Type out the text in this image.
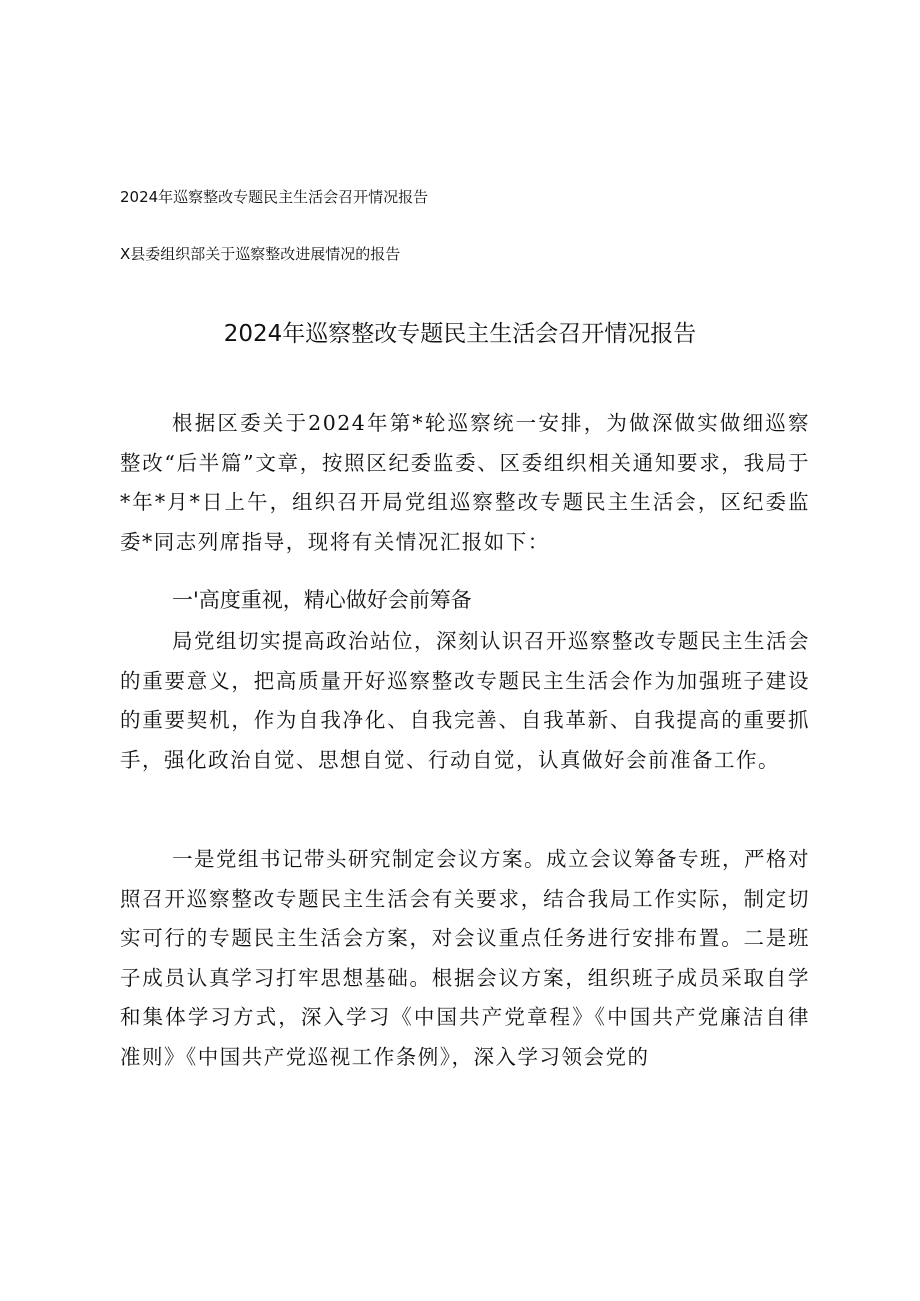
2024年巡察整改专题民主生活会召开情况报告
X县委组织部关于巡察整改进展情况的报告
2024年巡察整改专题民主生活会召开情况报告

根据区委关于2024年第*轮巡察统一安排，为做深做实做细巡察整改“后半篇”文章，按照区纪委监委、区委组织相关通知要求，我局于*年*月*日上午，组织召开局党组巡察整改专题民主生活会，区纪委监委*同志列席指导，现将有关情况汇报如下：

一'高度重视，精心做好会前筹备

局党组切实提高政治站位，深刻认识召开巡察整改专题民主生活会的重要意义，把高质量开好巡察整改专题民主生活会作为加强班子建设的重要契机，作为自我净化、自我完善、自我革新、自我提高的重要抓手，强化政治自觉、思想自觉、行动自觉，认真做好会前准备工作。

一是党组书记带头研究制定会议方案。成立会议筹备专班，严格对照召开巡察整改专题民主生活会有关要求，结合我局工作实际，制定切实可行的专题民主生活会方案，对会议重点任务进行安排布置。二是班子成员认真学习打牢思想基础。根据会议方案，组织班子成员采取自学和集体学习方式，深入学习《中国共产党章程》《中国共产党廉洁自律准则》《中国共产党巡视工作条例》，深入学习领会党的
